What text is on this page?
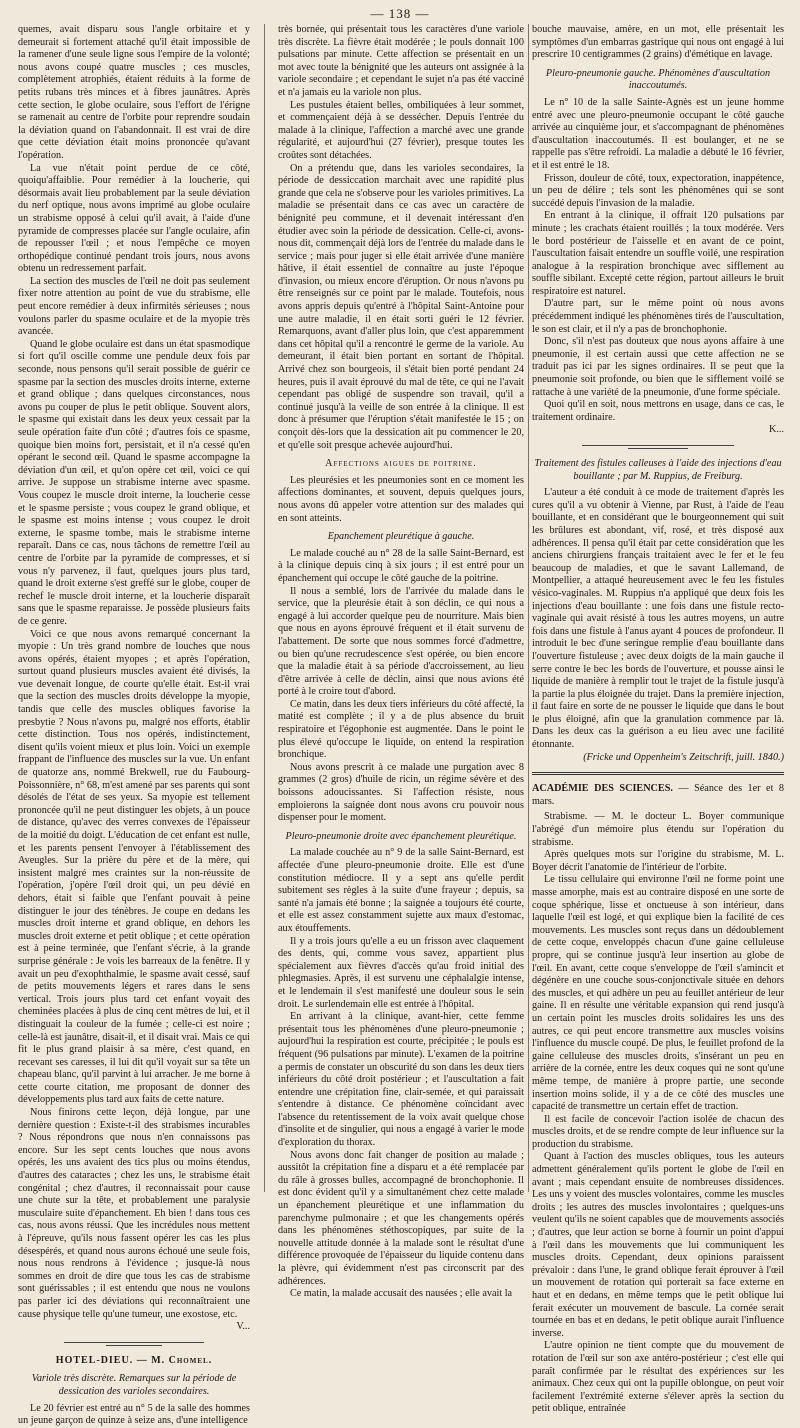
— 138 —

quemes, avait disparu sous l'angle orbitaire et y demeurait si fortement attaché qu'il était impossible de la ramener d'une seule ligne sous l'empire de la volonté; nous avons coupé quatre muscles ; ces muscles, complètement atrophiés, étaient réduits à la forme de petits rubans très minces et à fibres jaunâtres. Après cette section, le globe oculaire, sous l'effort de l'érigne se ramenait au centre de l'orbite pour reprendre soudain la déviation quand on l'abandonnait. Il est vrai de dire que cette déviation était moins prononcée qu'avant l'opération.

La vue n'était point perdue de ce côté, quoiqu'affaiblie. Pour remédier à la loucherie, qui désormais avait lieu probablement par la seule déviation du nerf optique, nous avons imprimé au globe oculaire un strabisme opposé à celui qu'il avait, à l'aide d'une pyramide de compresses placée sur l'angle oculaire, afin de repousser l'œil ; et nous l'empêche ce moyen orthopédique continué pendant trois jours, nous avons obtenu un redressement parfait.

La section des muscles de l'œil ne doit pas seulement fixer notre attention au point de vue du strabisme, elle peut encore remédier à deux infirmités sérieuses ; nous voulons parler du spasme oculaire et de la myopie très avancée.

Quand le globe oculaire est dans un état spasmodique si fort qu'il oscille comme une pendule deux fois par seconde, nous pensons qu'il serait possible de guérir ce spasme par la section des muscles droits interne, externe et grand oblique ; dans quelques circonstances, nous avons pu couper de plus le petit oblique. Souvent alors, le spasme qui existait dans les deux yeux cessait par la seule opération faite d'un côté ; d'autres fois ce spasme, quoique bien moins fort, persistait, et il n'a cessé qu'en opérant le second œil. Quand le spasme accompagne la déviation d'un œil, et qu'on opère cet œil, voici ce qui arrive. Je suppose un strabisme interne avec spasme. Vous coupez le muscle droit interne, la loucherie cesse et le spasme persiste ; vous coupez le grand oblique, et le spasme est moins intense ; vous coupez le droit externe, le spasme tombe, mais le strabisme interne reparaît. Dans ce cas, nous tâchons de remettre l'œil au centre de l'orbite par la pyramide de compresses, et si vous n'y parvenez, il faut, quelques jours plus tard, quand le droit externe s'est greffé sur le globe, couper de rechef le muscle droit interne, et la loucherie disparaît sans que le spasme reparaisse. Je possède plusieurs faits de ce genre.

Voici ce que nous avons remarqué concernant la myopie : Un très grand nombre de louches que nous avons opérés, étaient myopes ; et après l'opération, surtout quand plusieurs muscles avaient été divisés, la vue devenait longue, de courte qu'elle était. Est-il vrai que la section des muscles droits développe la myopie, tandis que celle des muscles obliques favorise la presbytie ? Nous n'avons pu, malgré nos efforts, établir cette distinction. Tous nos opérés, indistinctement, disent qu'ils voient mieux et plus loin. Voici un exemple frappant de l'influence des muscles sur la vue. Un enfant de quatorze ans, nommé Brekwell, rue du Faubourg-Poissonnière, n° 68, m'est amené par ses parents qui sont désolés de l'état de ses yeux. Sa myopie est tellement prononcée qu'il ne peut distinguer les objets, à un pouce de distance, qu'avec des verres convexes de l'épaisseur de la moitié du doigt. L'éducation de cet enfant est nulle, et les parents pensent l'envoyer à l'établissement des Aveugles. Sur la prière du père et de la mère, qui insistent malgré mes craintes sur la non-réussite de l'opération, j'opère l'œil droit qui, un peu dévié en dehors, était si faible que l'enfant pouvait à peine distinguer le jour des ténèbres. Je coupe en dedans les muscles droit interne et grand oblique, en dehors les muscles droit externe et petit oblique ; et cette opération est à peine terminée, que l'enfant s'écrie, à la grande surprise générale : Je vois les barreaux de la fenêtre. Il y avait un peu d'exophthalmie, le spasme avait cessé, sauf de petits mouvements légers et rares dans le sens vertical. Trois jours plus tard cet enfant voyait des cheminées placées à plus de cinq cent mètres de lui, et il distinguait la couleur de la fumée ; celle-ci est noire ; celle-là est jaunâtre, disait-il, et il disait vrai. Mais ce qui fit le plus grand plaisir à sa mère, c'est quand, en recevant ses caresses, il lui dit qu'il voyait sur sa tête un chapeau blanc, qu'il parvint à lui arracher. Je me borne à cette courte citation, me proposant de donner des développements plus tard aux faits de cette nature.

Nous finirons cette leçon, déjà longue, par une dernière question : Existe-t-il des strabismes incurables ? Nous répondrons que nous n'en connaissons pas encore. Sur les sept cents louches que nous avons opérés, les uns avaient des tics plus ou moins étendus, d'autres des cataractes ; chez les uns, le strabisme était congénital ; chez d'autres, il reconnaissait pour cause une chute sur la tête, et probablement une paralysie musculaire suite d'épanchement. Eh bien ! dans tous ces cas, nous avons réussi. Que les incrédules nous mettent à l'épreuve, qu'ils nous fassent opérer les cas les plus désespérés, et quand nous aurons échoué une seule fois, nous nous rendrons à l'évidence ; jusque-là nous sommes en droit de dire que tous les cas de strabisme sont guérissables ; il est entendu que nous ne voulons pas parler ici des déviations qui reconnaîtraient une cause physique telle qu'une tumeur, une exostose, etc.

V...
HOTEL-DIEU. — M. Chomel.
Variole très discrète. Remarques sur la période de dessication des varioles secondaires.

Le 20 février est entré au n° 5 de la salle des hommes un jeune garçon de quinze à seize ans, d'une intelligence

très bornée, qui présentait tous les caractères d'une variole très discrète. La fièvre était modérée ; le pouls donnait 100 pulsations par minute. Cette affection se présentait en un mot avec toute la bénignité que les auteurs ont assignée à la variole secondaire ; et cependant le sujet n'a pas été vacciné et n'a jamais eu la variole non plus.

Les pustules étaient belles, ombiliquées à leur sommet, et commençaient déjà à se dessécher. Depuis l'entrée du malade à la clinique, l'affection a marché avec une grande régularité, et aujourd'hui (27 février), presque toutes les croûtes sont détachées.

On a prétendu que, dans les varioles secondaires, la période de dessiccation marchait avec une rapidité plus grande que cela ne s'observe pour les varioles primitives. La maladie se présentait dans ce cas avec un caractère de bénignité peu commune, et il devenait intéressant d'en étudier avec soin la période de dessication. Celle-ci, avons-nous dit, commençait déjà lors de l'entrée du malade dans le service ; mais pour juger si elle était arrivée d'une manière hâtive, il était essentiel de connaître au juste l'époque d'invasion, ou mieux encore d'éruption. Or nous n'avons pu être renseignés sur ce point par le malade. Toutefois, nous avons appris depuis qu'entré à l'hôpital Saint-Antoine pour une autre maladie, il en était sorti guéri le 12 février. Remarquons, avant d'aller plus loin, que c'est apparemment dans cet hôpital qu'il a rencontré le germe de la variole. Au demeurant, il était bien portant en sortant de l'hôpital. Arrivé chez son bourgeois, il s'était bien porté pendant 24 heures, puis il avait éprouvé du mal de tête, ce qui ne l'avait cependant pas obligé de suspendre son travail, qu'il a continué jusqu'à la veille de son entrée à la clinique. Il est donc à présumer que l'éruption s'était manifestée le 15 ; on conçoit dès-lors que la dessication ait pu commencer le 20, et qu'elle soit presque achevée aujourd'hui.

Affections aigues de poitrine.

Les pleurésies et les pneumonies sont en ce moment les affections dominantes, et souvent, depuis quelques jours, nous avons dû appeler votre attention sur des malades qui en sont atteints.

Epanchement pleurétique à gauche.

Le malade couché au n° 28 de la salle Saint-Bernard, est à la clinique depuis cinq à six jours ; il est entré pour un épanchement qui occupe le côté gauche de la poitrine.

Il nous a semblé, lors de l'arrivée du malade dans le service, que la pleurésie était à son déclin, ce qui nous a engagé à lui accorder quelque peu de nourriture. Mais bien que nous en ayons éprouvé fréquent et il était survenu de l'abattement. De sorte que nous sommes forcé d'admettre, ou bien qu'une recrudescence s'est opérée, ou bien encore que la maladie était à sa période d'accroissement, au lieu d'être arrivée à celle de déclin, ainsi que nous avions été porté à le croire tout d'abord.

Ce matin, dans les deux tiers inférieurs du côté affecté, la matité est complète ; il y a de plus absence du bruit respiratoire et l'égophonie est augmentée. Dans le point le plus élevé qu'occupe le liquide, on entend la respiration bronchique.

Nous avons prescrit à ce malade une purgation avec 8 grammes (2 gros) d'huile de ricin, un régime sévère et des boissons adoucissantes. Si l'affection résiste, nous emploierons la saignée dont nous avons cru pouvoir nous dispenser pour le moment.

Pleuro-pneumonie droite avec épanchement pleurétique.

La malade couchée au n° 9 de la salle Saint-Bernard, est affectée d'une pleuro-pneumonie droite. Elle est d'une constitution médiocre. Il y a sept ans qu'elle perdit subitement ses règles à la suite d'une frayeur ; depuis, sa santé n'a jamais été bonne ; la saignée a toujours été courte, et elle est assez constamment sujette aux maux d'estomac, aux étouffements.

Il y a trois jours qu'elle a eu un frisson avec claquement des dents, qui, comme vous savez, appartient plus spécialement aux fièvres d'accès qu'au froid initial des phlegmasies. Après, il est survenu une céphalalgie intense, et le lendemain il s'est manifesté une douleur sous le sein droit. Le surlendemain elle est entrée à l'hôpital.

En arrivant à la clinique, avant-hier, cette femme présentait tous les phénomènes d'une pleuro-pneumonie ; aujourd'hui la respiration est courte, précipitée ; le pouls est fréquent (96 pulsations par minute). L'examen de la poitrine a permis de constater un obscurité du son dans les deux tiers inférieurs du côté droit postérieur ; et l'auscultation a fait entendre une crépitation fine, clair-semée, et qui paraissait s'entendre à distance. Ce phénomène coïncidant avec l'absence du retentissement de la voix avait quelque chose d'insolite et de singulier, qui nous a engagé à varier le mode d'exploration du thorax.

Nous avons donc fait changer de position au malade ; aussitôt la crépitation fine a disparu et a été remplacée par du râle à grosses bulles, accompagné de bronchophonie. Il est donc évident qu'il y a simultanément chez cette malade un épanchement pleurétique et une inflammation du parenchyme pulmonaire ; et que les changements opérés dans les phénomènes stéthoscopiques, par suite de la nouvelle attitude donnée à la malade sont le résultat d'une différence provoquée de l'épaisseur du liquide contenu dans la plèvre, qui évidemment n'est pas circonscrit par des adhérences.

Ce matin, la malade accusait des nausées ; elle avait la

bouche mauvaise, amère, en un mot, elle présentait les symptômes d'un embarras gastrique qui nous ont engagé à lui prescrire 10 centigrammes (2 grains) d'émétique en lavage.

Pleuro-pneumonie gauche. Phénomènes d'auscultation inaccoutumés.

Le n° 10 de la salle Sainte-Agnès est un jeune homme entré avec une pleuro-pneumonie occupant le côté gauche arrivée au cinquième jour, et s'accompagnant de phénomènes d'auscultation inaccoutumés. Il est boulanger, et ne se rappelle pas s'être refroidi. La maladie a débuté le 16 février, et il est entré le 18.

Frisson, douleur de côté, toux, expectoration, inappétence, un peu de délire ; tels sont les phénomènes qui se sont succédé depuis l'invasion de la maladie.

En entrant à la clinique, il offrait 120 pulsations par minute ; les crachats étaient rouillés ; la toux modérée. Vers le bord postérieur de l'aisselle et en avant de ce point, l'auscultation faisait entendre un souffle voilé, une respiration analogue à la respiration bronchique avec sifflement au souffle sibilant. Excepté cette région, partout ailleurs le bruit respiratoire est naturel.

D'autre part, sur le même point où nous avons précédemment indiqué les phénomènes tirés de l'auscultation, le son est clair, et il n'y a pas de bronchophonie.

Donc, s'il n'est pas douteux que nous ayons affaire à une pneumonie, il est certain aussi que cette affection ne se traduit pas ici par les signes ordinaires. Il se peut que la pneumonie soit profonde, ou bien que le sifflement voilé se rattache à une variété de la pneumonie, d'une forme spéciale.

Quoi qu'il en soit, nous mettrons en usage, dans ce cas, le traitement ordinaire.

K...
Traitement des fistules calleuses à l'aide des injections d'eau bouillante ; par M. Ruppius, de Freiburg.

L'auteur a été conduit à ce mode de traitement d'après les cures qu'il a vu obtenir à Vienne, par Rust, à l'aide de l'eau bouillante, et en considérant que le bourgeonnement qui suit les brûlures est abondant, vif, rosé, et très disposé aux adhérences. Il pensa qu'il était par cette considération que les anciens chirurgiens français traitaient avec le fer et le feu beaucoup de maladies, et que le savant Lallemand, de Montpellier, a attaqué heureusement avec le feu les fistules vésico-vaginales. M. Ruppius n'a appliqué que deux fois les injections d'eau bouillante : une fois dans une fistule recto-vaginale qui avait résisté à tous les autres moyens, un autre fois dans une fistule à l'anus ayant 4 pouces de profondeur. Il introduit le bec d'une seringue remplie d'eau bouillante dans l'ouverture fistuleuse ; avec deux doigts de la main gauche il serre contre le bec les bords de l'ouverture, et pousse ainsi le liquide de manière à remplir tout le trajet de la fistule jusqu'à la partie la plus éloignée du trajet. Dans la première injection, il faut faire en sorte de ne pousser le liquide que dans le bout le plus éloigné, afin que la granulation commence par là. Dans les deux cas la guérison a eu lieu avec une facilité étonnante.

(Fricke und Oppenheim's Zeitschrift, juill. 1840.)
ACADÉMIE DES SCIENCES. — Séance des 1er et 8 mars.

Strabisme. — M. le docteur L. Boyer communique l'abrégé d'un mémoire plus étendu sur l'opération du strabisme.

Après quelques mots sur l'origine du strabisme, M. L. Boyer décrit l'anatomie de l'intérieur de l'orbite.

Le tissu cellulaire qui environne l'œil ne forme point une masse amorphe, mais est au contraire disposé en une sorte de coque sphérique, lisse et onctueuse à son intérieur, dans laquelle l'œil est logé, et qui explique bien la facilité de ces mouvements. Les muscles sont reçus dans un dédoublement de cette coque, enveloppés chacun d'une gaine celluleuse propre, qui se continue jusqu'à leur insertion au globe de l'œil. En avant, cette coque s'enveloppe de l'œil s'amincit et dégénère en une couche sous-conjonctivale située en dehors des muscles, et qui adhère un peu au feuillet antérieur de leur gaine. Il en résulte une véritable expansion qui rend jusqu'à un certain point les muscles droits solidaires les uns des autres, ce qui peut encore transmettre aux muscles voisins l'influence du muscle coupé. De plus, le feuillet profond de la gaine celluleuse des muscles droits, s'insérant un peu en arrière de la cornée, entre les deux coques qui ne sont qu'une même tempe, de manière à propre partie, une seconde insertion moins solide, il y a de ce côté des muscles une capacité de transmettre un certain effet de traction.

Il est facile de concevoir l'action isolée de chacun des muscles droits, et de se rendre compte de leur influence sur la production du strabisme.

Quant à l'action des muscles obliques, tous les auteurs admettent généralement qu'ils portent le globe de l'œil en avant ; mais cependant ensuite de nombreuses dissidences. Les uns y voient des muscles volontaires, comme les muscles droits ; les autres des muscles involontaires ; quelques-uns veulent qu'ils ne soient capables que de mouvements associés ; d'autres, que leur action se borne à fournir un point d'appui à l'œil dans les mouvements que lui communiquent les muscles droits. Cependant, deux opinions paraissent prévaloir : dans l'une, le grand oblique ferait éprouver à l'œil un mouvement de rotation qui porterait sa face externe en haut et en dedans, en même temps que le petit oblique lui ferait exécuter un mouvement de bascule. La cornée serait tournée en bas et en dedans, le petit oblique aurait l'influence inverse.

L'autre opinion ne tient compte que du mouvement de rotation de l'œil sur son axe antéro-postérieur ; c'est elle qui paraît confirmée par le résultat des expériences sur les animaux. Chez ceux qui ont la pupille oblongue, on peut voir facilement l'extrémité externe s'élever après la section du petit oblique, entraînée
